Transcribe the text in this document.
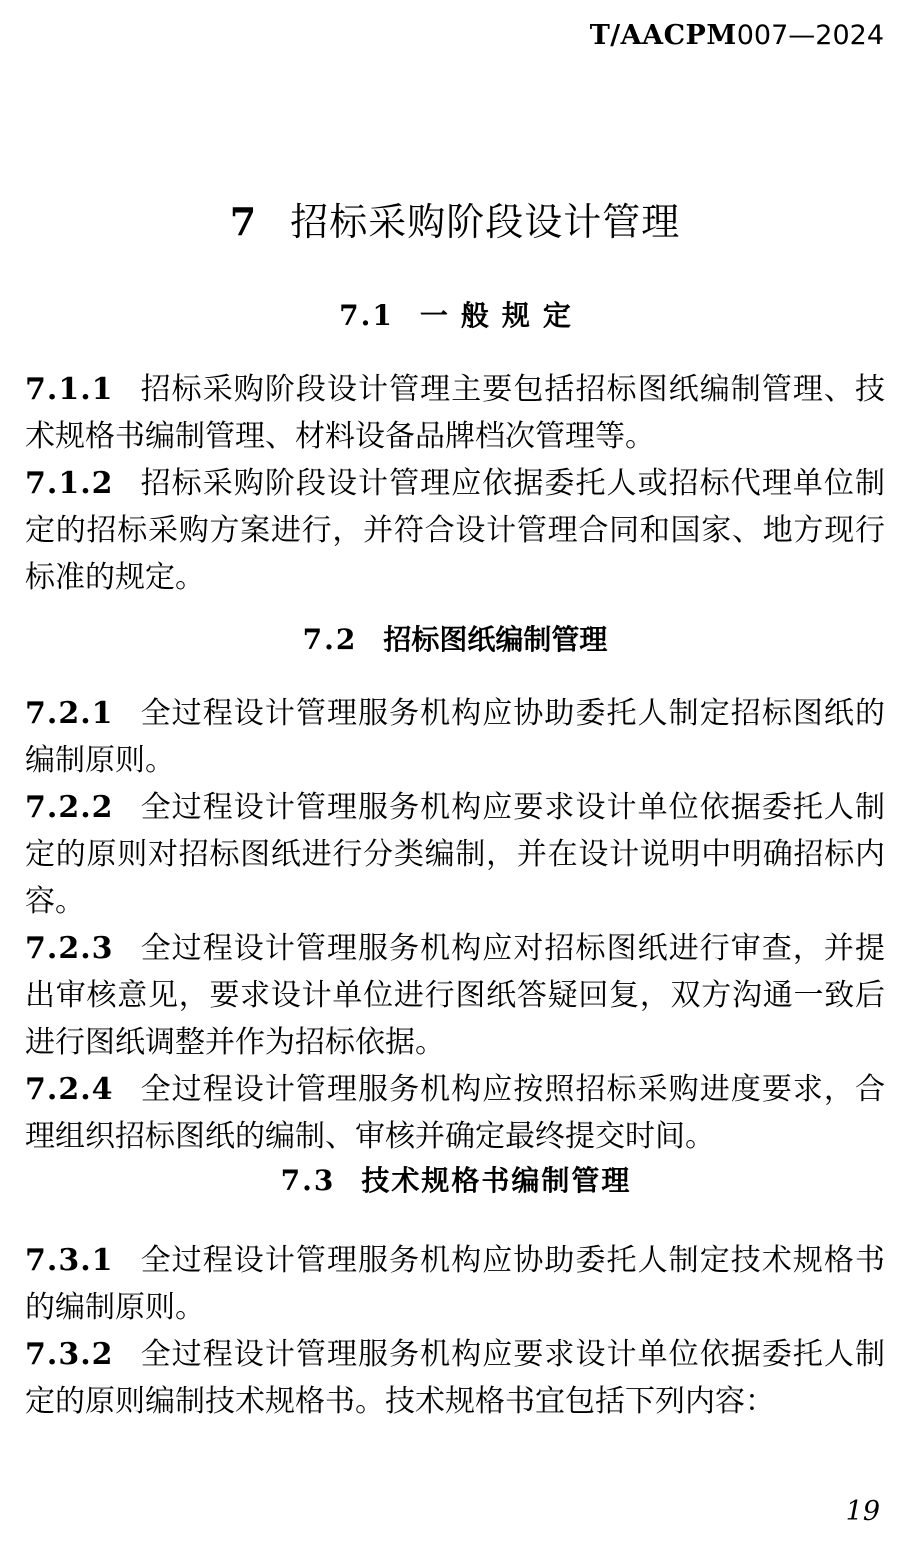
T/AACPM007—2024
7 招标采购阶段设计管理
7.1 一般规定

7.1.1 招标采购阶段设计管理主要包括招标图纸编制管理、技术规格书编制管理、材料设备品牌档次管理等。

7.1.2 招标采购阶段设计管理应依据委托人或招标代理单位制定的招标采购方案进行，并符合设计管理合同和国家、地方现行标准的规定。

7.2 招标图纸编制管理

7.2.1 全过程设计管理服务机构应协助委托人制定招标图纸的编制原则。

7.2.2 全过程设计管理服务机构应要求设计单位依据委托人制定的原则对招标图纸进行分类编制，并在设计说明中明确招标内容。

7.2.3 全过程设计管理服务机构应对招标图纸进行审查，并提出审核意见，要求设计单位进行图纸答疑回复，双方沟通一致后进行图纸调整并作为招标依据。

7.2.4 全过程设计管理服务机构应按照招标采购进度要求，合理组织招标图纸的编制、审核并确定最终提交时间。

7.3 技术规格书编制管理

7.3.1 全过程设计管理服务机构应协助委托人制定技术规格书的编制原则。

7.3.2 全过程设计管理服务机构应要求设计单位依据委托人制定的原则编制技术规格书。技术规格书宜包括下列内容：

19
